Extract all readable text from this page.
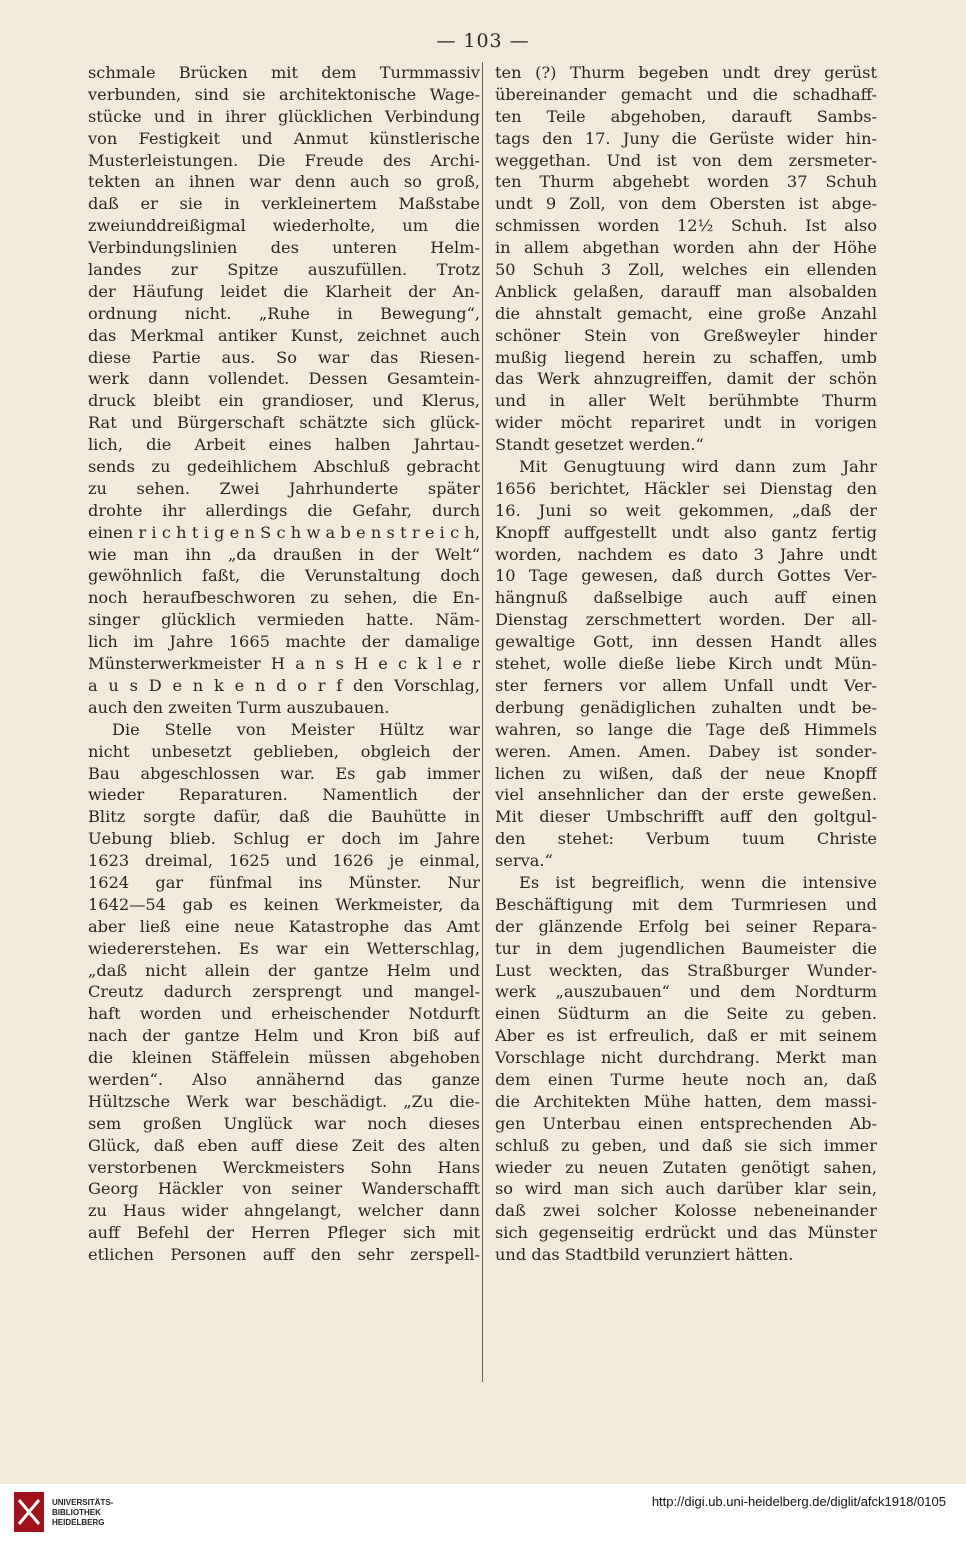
— 103 —
schmale Brücken mit dem Turmmassiv
verbunden, sind sie architektonische Wage-
stücke und in ihrer glücklichen Verbindung
von Festigkeit und Anmut künstlerische
Musterleistungen. Die Freude des Archi-
tekten an ihnen war denn auch so groß,
daß er sie in verkleinertem Maßstabe
zweiunddreißigmal wiederholte, um die
Verbindungslinien des unteren Helm-
landes zur Spitze auszufüllen. Trotz
der Häufung leidet die Klarheit der An-
ordnung nicht. „Ruhe in Bewegung“,
das Merkmal antiker Kunst, zeichnet auch
diese Partie aus. So war das Riesen-
werk dann vollendet. Dessen Gesamtein-
druck bleibt ein grandioser, und Klerus,
Rat und Bürgerschaft schätzte sich glück-
lich, die Arbeit eines halben Jahrtau-
sends zu gedeihlichem Abschluß gebracht
zu sehen. Zwei Jahrhunderte später
drohte ihr allerdings die Gefahr, durch
einen r i c h t i g e n S c h w a b e n s t r e i c h,
wie man ihn „da draußen in der Welt“
gewöhnlich faßt, die Verunstaltung doch
noch heraufbeschworen zu sehen, die En-
singer glücklich vermieden hatte. Näm-
lich im Jahre 1665 machte der damalige
Münsterwerkmeister H a n s H e c k l e r
a u s D e n k e n d o r f den Vorschlag,
auch den zweiten Turm auszubauen.
Die Stelle von Meister Hültz war
nicht unbesetzt geblieben, obgleich der
Bau abgeschlossen war. Es gab immer
wieder Reparaturen. Namentlich der
Blitz sorgte dafür, daß die Bauhütte in
Uebung blieb. Schlug er doch im Jahre
1623 dreimal, 1625 und 1626 je einmal,
1624 gar fünfmal ins Münster. Nur
1642—54 gab es keinen Werkmeister, da
aber ließ eine neue Katastrophe das Amt
wiedererstehen. Es war ein Wetterschlag,
„daß nicht allein der gantze Helm und
Creutz dadurch zersprengt und mangel-
haft worden und erheischender Notdurft
nach der gantze Helm und Kron biß auf
die kleinen Stäffelein müssen abgehoben
werden“. Also annähernd das ganze
Hültzsche Werk war beschädigt. „Zu die-
sem großen Unglück war noch dieses
Glück, daß eben auff diese Zeit des alten
verstorbenen Werckmeisters Sohn Hans
Georg Häckler von seiner Wanderschafft
zu Haus wider ahngelangt, welcher dann
auff Befehl der Herren Pfleger sich mit
etlichen Personen auff den sehr zerspell-
ten (?) Thurm begeben undt drey gerüst
übereinander gemacht und die schadhaff-
ten Teile abgehoben, darauft Sambs-
tags den 17. Juny die Gerüste wider hin-
weggethan. Und ist von dem zersmeter-
ten Thurm abgehebt worden 37 Schuh
undt 9 Zoll, von dem Obersten ist abge-
schmissen worden 12½ Schuh. Ist also
in allem abgethan worden ahn der Höhe
50 Schuh 3 Zoll, welches ein ellenden
Anblick gelaßen, darauff man alsobalden
die ahnstalt gemacht, eine große Anzahl
schöner Stein von Greßweyler hinder
mußig liegend herein zu schaffen, umb
das Werk ahnzugreiffen, damit der schön
und in aller Welt berühmbte Thurm
wider möcht repariret undt in vorigen
Standt gesetzet werden.“
Mit Genugtuung wird dann zum Jahr
1656 berichtet, Häckler sei Dienstag den
16. Juni so weit gekommen, „daß der
Knopff auffgestellt undt also gantz fertig
worden, nachdem es dato 3 Jahre undt
10 Tage gewesen, daß durch Gottes Ver-
hängnuß daßselbige auch auff einen
Dienstag zerschmettert worden. Der all-
gewaltige Gott, inn dessen Handt alles
stehet, wolle dieße liebe Kirch undt Mün-
ster ferners vor allem Unfall undt Ver-
derbung genädiglichen zuhalten undt be-
wahren, so lange die Tage deß Himmels
weren. Amen. Amen. Dabey ist sonder-
lichen zu wißen, daß der neue Knopff
viel ansehnlicher dan der erste geweßen.
Mit dieser Umbschrifft auff den goltgul-
den stehet: Verbum tuum Christe
serva.“
Es ist begreiflich, wenn die intensive
Beschäftigung mit dem Turmriesen und
der glänzende Erfolg bei seiner Repara-
tur in dem jugendlichen Baumeister die
Lust weckten, das Straßburger Wunder-
werk „auszubauen“ und dem Nordturm
einen Südturm an die Seite zu geben.
Aber es ist erfreulich, daß er mit seinem
Vorschlage nicht durchdrang. Merkt man
dem einen Turme heute noch an, daß
die Architekten Mühe hatten, dem massi-
gen Unterbau einen entsprechenden Ab-
schluß zu geben, und daß sie sich immer
wieder zu neuen Zutaten genötigt sahen,
so wird man sich auch darüber klar sein,
daß zwei solcher Kolosse nebeneinander
sich gegenseitig erdrückt und das Münster
und das Stadtbild verunziert hätten.
UNIVERSITÄTS-
BIBLIOTHEK
HEIDELBERG
http://digi.ub.uni-heidelberg.de/diglit/afck1918/0105
